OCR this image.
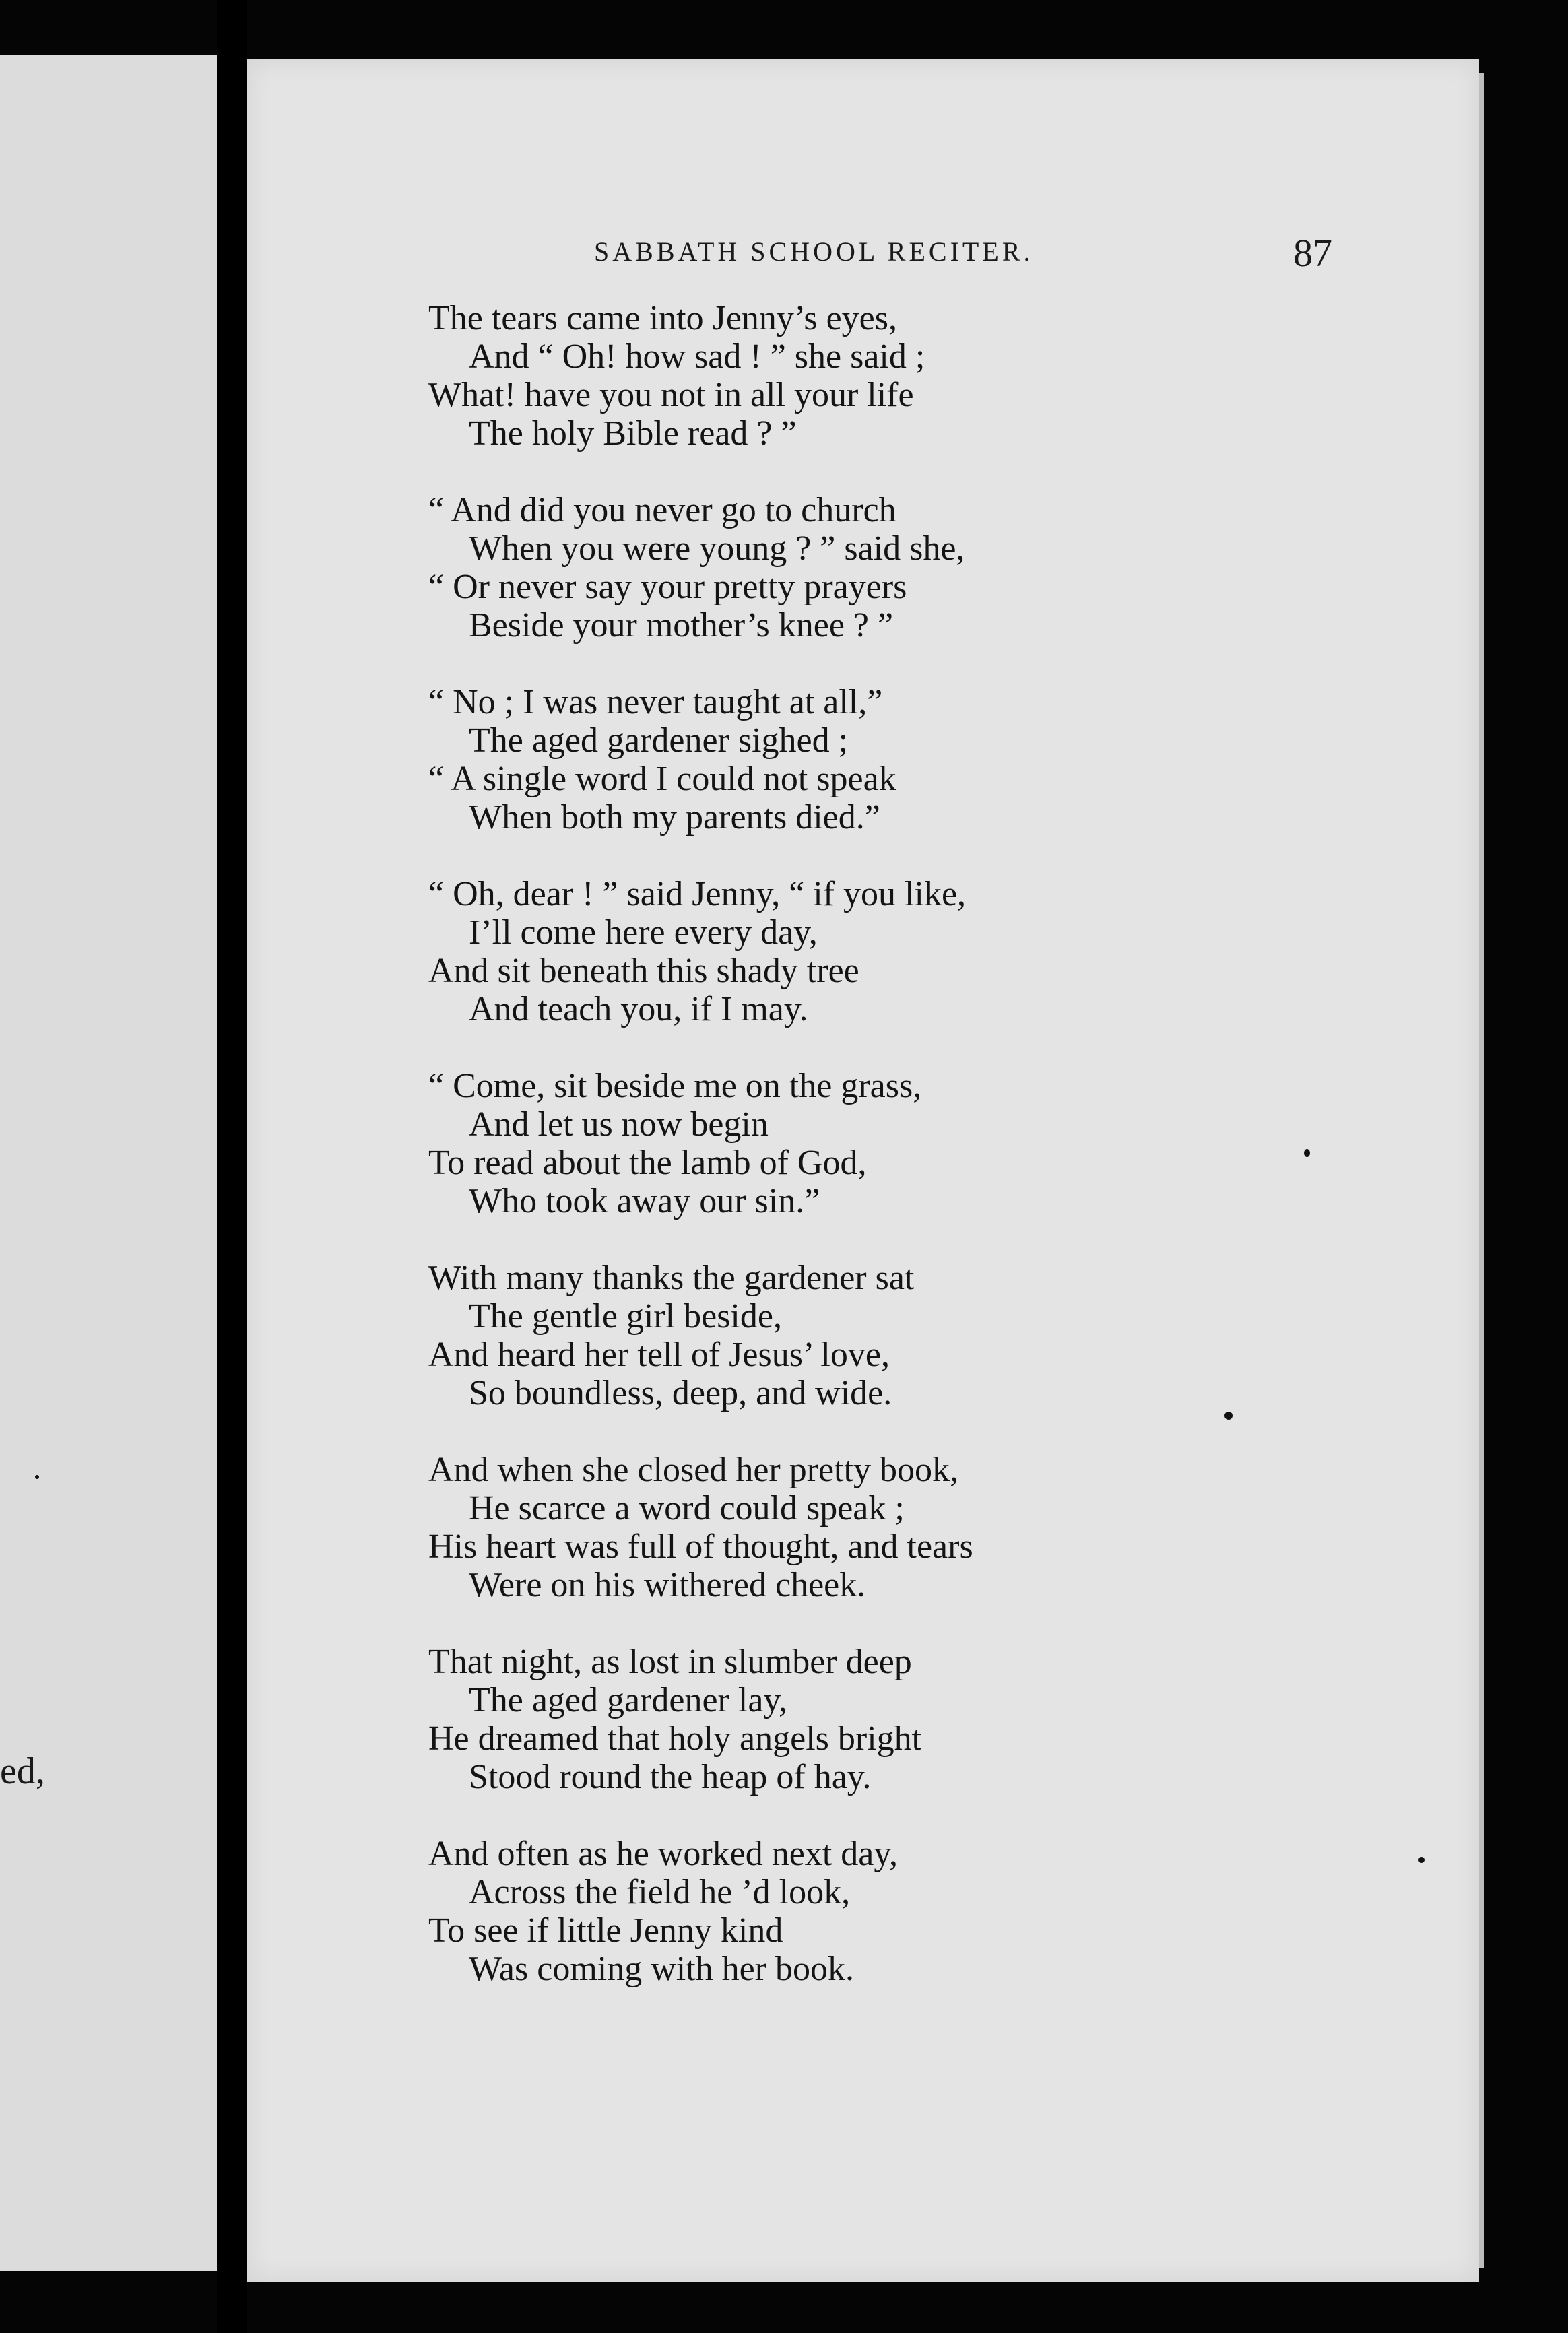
ed,
SABBATH SCHOOL RECITER.	87
The tears came into Jenny’s eyes,
And “ Oh! how sad ! ” she said ;
What! have you not in all your life
The holy Bible read ? ”
“ And did you never go to church
When you were young ? ” said she,
“ Or never say your pretty prayers
Beside your mother’s knee ? ”
“ No ; I was never taught at all,”
The aged gardener sighed ;
“ A single word I could not speak
When both my parents died.”
“ Oh, dear ! ” said Jenny, “ if you like,
I’ll come here every day,
And sit beneath this shady tree
And teach you, if I may.
“ Come, sit beside me on the grass,
And let us now begin
To read about the lamb of God,
Who took away our sin.”
With many thanks the gardener sat
The gentle girl beside,
And heard her tell of Jesus’ love,
So boundless, deep, and wide.
And when she closed her pretty book,
He scarce a word could speak ;
His heart was full of thought, and tears
Were on his withered cheek.
That night, as lost in slumber deep
The aged gardener lay,
He dreamed that holy angels bright
Stood round the heap of hay.
And often as he worked next day,
Across the field he ’d look,
To see if little Jenny kind
Was coming with her book.
